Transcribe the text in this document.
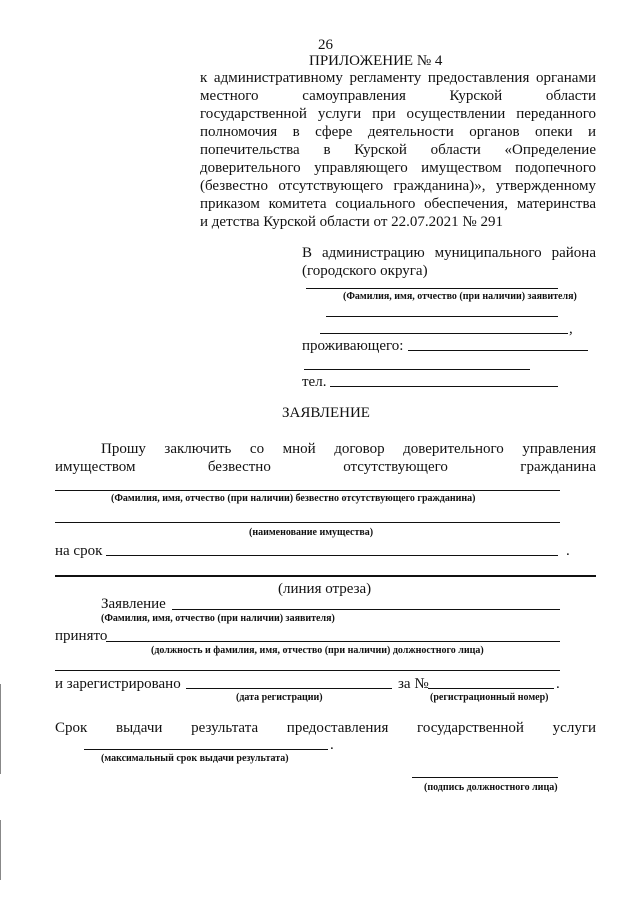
26
ПРИЛОЖЕНИЕ № 4
к административному регламенту предоставления органами
местного самоуправления Курской области
государственной услуги при осуществлении переданного
полномочия в сфере деятельности органов опеки и
попечительства в Курской области «Определение
доверительного управляющего имуществом подопечного
(безвестно отсутствующего гражданина)», утвержденному
приказом комитета социального обеспечения, материнства
и детства Курской области от 22.07.2021 № 291
В администрацию муниципального района
(городского округа)
(Фамилия, имя, отчество (при наличии) заявителя)
,
проживающего:
тел.
ЗАЯВЛЕНИЕ
Прошу заключить со мной договор доверительного управления
имуществом безвестно отсутствующего гражданина
(Фамилия, имя, отчество (при наличии) безвестно отсутствующего гражданина)
(наименование имущества)
на срок	.
(линия отреза)
Заявление
(Фамилия, имя, отчество (при наличии) заявителя)
принято
(должность и фамилия, имя, отчество (при наличии) должностного лица)
и зарегистрировано	за №	.
(дата регистрации)	(регистрационный номер)
Срок выдачи результата предоставления государственной услуги
.
(максимальный срок выдачи результата)
(подпись должностного лица)
